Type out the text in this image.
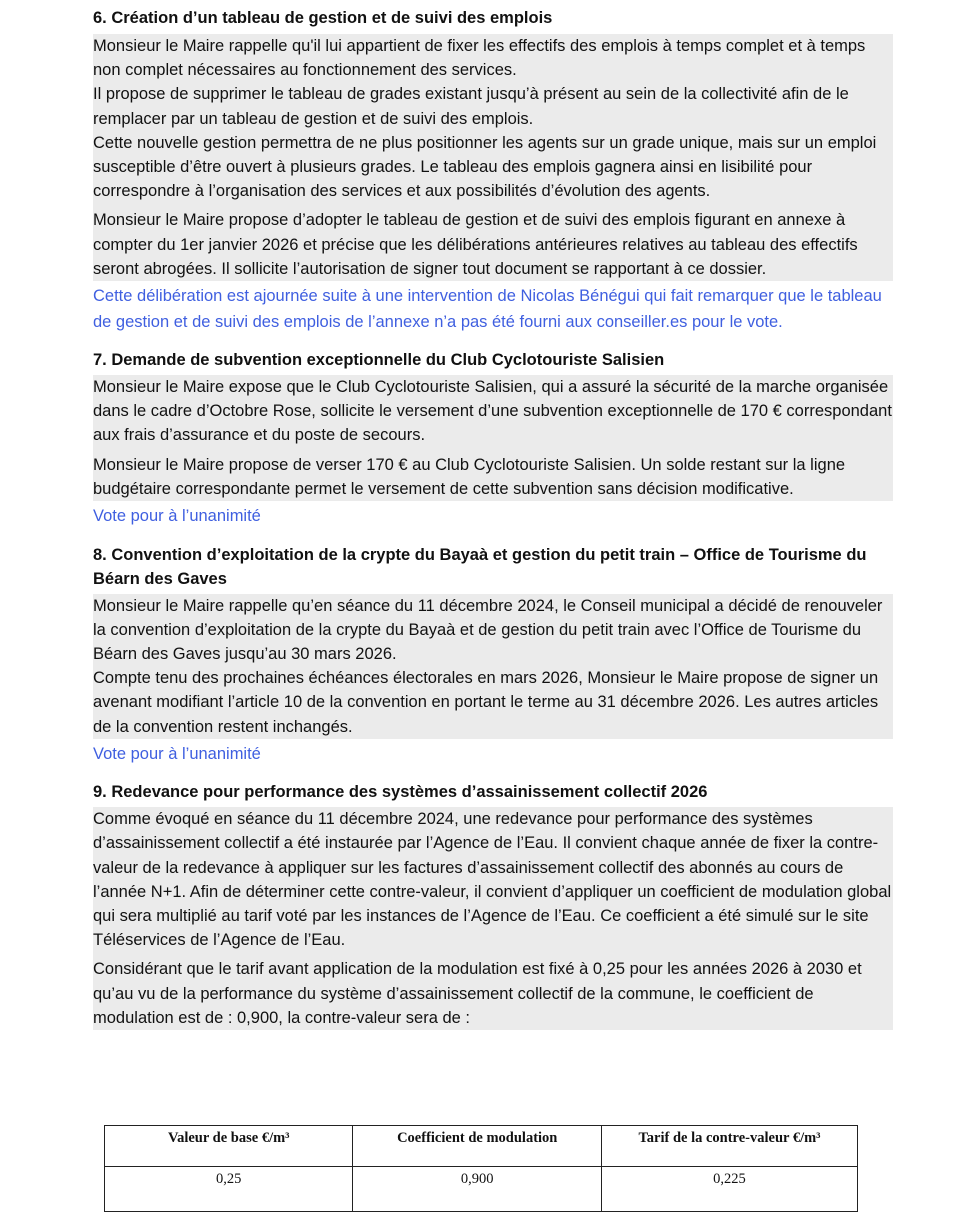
6. Création d’un tableau de gestion et de suivi des emplois

Monsieur le Maire rappelle qu'il lui appartient de fixer les effectifs des emplois à temps complet et à temps non complet nécessaires au fonctionnement des services.

Il propose de supprimer le tableau de grades existant jusqu’à présent au sein de la collectivité afin de le remplacer par un tableau de gestion et de suivi des emplois.

Cette nouvelle gestion permettra de ne plus positionner les agents sur un grade unique, mais sur un emploi susceptible d’être ouvert à plusieurs grades. Le tableau des emplois gagnera ainsi en lisibilité pour correspondre à l’organisation des services et aux possibilités d’évolution des agents.

Monsieur le Maire propose d’adopter le tableau de gestion et de suivi des emplois figurant en annexe à compter du 1er janvier 2026 et précise que les délibérations antérieures relatives au tableau des effectifs seront abrogées. Il sollicite l’autorisation de signer tout document se rapportant à ce dossier.

Cette délibération est ajournée suite à une intervention de Nicolas Bénégui qui fait remarquer que le tableau de gestion et de suivi des emplois de l’annexe n’a pas été fourni aux conseiller.es pour le vote.

7. Demande de subvention exceptionnelle du Club Cyclotouriste Salisien

Monsieur le Maire expose que le Club Cyclotouriste Salisien, qui a assuré la sécurité de la marche organisée dans le cadre d’Octobre Rose, sollicite le versement d’une subvention exceptionnelle de 170 € correspondant aux frais d’assurance et du poste de secours.

Monsieur le Maire propose de verser 170 € au Club Cyclotouriste Salisien. Un solde restant sur la ligne budgétaire correspondante permet le versement de cette subvention sans décision modificative.

Vote pour à l’unanimité

8. Convention d’exploitation de la crypte du Bayaà et gestion du petit train – Office de Tourisme du Béarn des Gaves

Monsieur le Maire rappelle qu’en séance du 11 décembre 2024, le Conseil municipal a décidé de renouveler la convention d’exploitation de la crypte du Bayaà et de gestion du petit train avec l’Office de Tourisme du Béarn des Gaves jusqu’au 30 mars 2026.

Compte tenu des prochaines échéances électorales en mars 2026, Monsieur le Maire propose de signer un avenant modifiant l’article 10 de la convention en portant le terme au 31 décembre 2026. Les autres articles de la convention restent inchangés.

Vote pour à l’unanimité

9. Redevance pour performance des systèmes d’assainissement collectif 2026

Comme évoqué en séance du 11 décembre 2024, une redevance pour performance des systèmes d’assainissement collectif a été instaurée par l’Agence de l’Eau. Il convient chaque année de fixer la contre-valeur de la redevance à appliquer sur les factures d’assainissement collectif des abonnés au cours de l’année N+1. Afin de déterminer cette contre-valeur, il convient d’appliquer un coefficient de modulation global qui sera multiplié au tarif voté par les instances de l’Agence de l’Eau. Ce coefficient a été simulé sur le site Téléservices de l’Agence de l’Eau.

Considérant que le tarif avant application de la modulation est fixé à 0,25 pour les années 2026 à 2030 et qu’au vu de la performance du système d’assainissement collectif de la commune, le coefficient de modulation est de : 0,900, la contre-valeur sera de :

Valeur de base €/m³	Coefficient de modulation	Tarif de la contre-valeur €/m³
0,25	0,900	0,225
